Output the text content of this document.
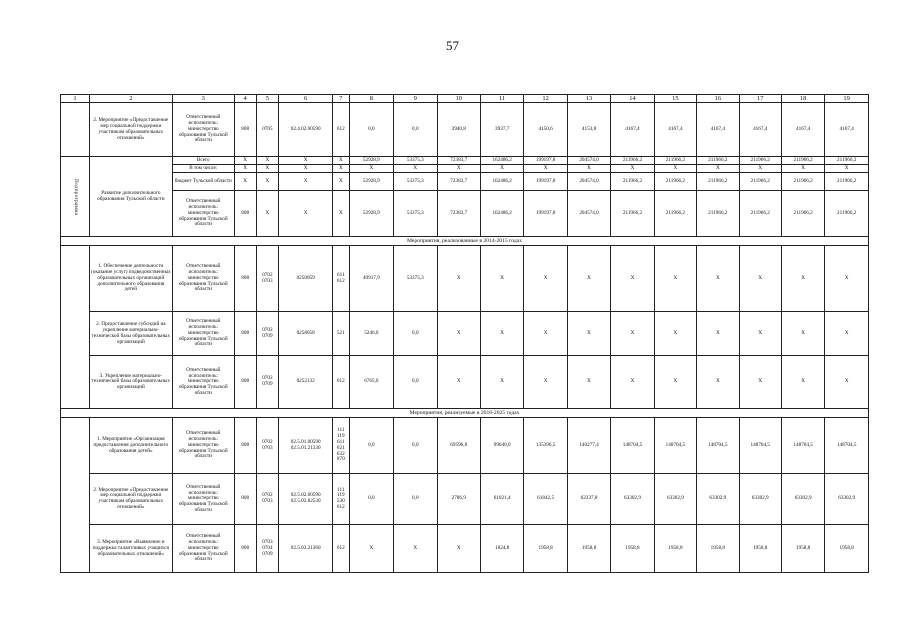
57
1	2	3	4	5	6	7	8	9	10	11	12	13	14	15	16	17	18	19
	2. Мероприятие «Предоставление мер социальной поддержки участникам образовательных отношений»	Ответственный исполнитель: министерство образования Тульской области	808	0705	02.4.02.00590	612	0,0	0,0	3940,8	3937,7	4150,6	4153,8	4167,4	4167,4	4167,4	4167,4	4167,4	4167,4
Подпрограмма	Развитие дополнительного образования Тульской области	Всего	X	X	X	X	52928,9	53375,3	72383,7	162486,2	199197,8	204574,0	211966,2	211966,2	211966,2	211966,2	211966,2	211966,2
		В том числе:	X	X	X	X	X	X	X	X	X	X	X	X	X	X	X	X
		бюджет Тульской области	X	X	X	X	52928,9	53375,3	72383,7	162486,2	199197,8	204574,0	211966,2	211966,2	211966,2	211966,2	211966,2	211966,2
		Ответственный исполнитель: министерство образования Тульской области	808	X	X	X	52928,9	53375,3	72383,7	162486,2	199197,8	204574,0	211966,2	211966,2	211966,2	211966,2	211966,2	211966,2
Мероприятия, реализованные в 2014-2015 годах																		
	1. Обеспечение деятельности (оказание услуг) подведомственных образовательных организаций дополнительного образования детей	Ответственный исполнитель: министерство образования Тульской области	808	0702 0703	0250059	611 612	40917,9	53375,3	X	X	X	X	X	X	X	X	X	X
	2. Предоставление субсидий на укрепление материально-технической базы образовательных организаций	Ответственный исполнитель: министерство образования Тульской области	808	0702 0709	0258058	521	5246,0	0,0	X	X	X	X	X	X	X	X	X	X
	3. Укрепление материально-технической базы образовательных организаций	Ответственный исполнитель: министерство образования Тульской области	808	0702 0709	0252132	612	6765,0	0,0	X	X	X	X	X	X	X	X	X	X
Мероприятия, реализуемые в 2016-2025 годах																		
	1. Мероприятие «Организация предоставления дополнительного образования детей»	Ответственный исполнитель: министерство образования Тульской области	808	0702 0703	02.5.01.00590 02.5.01.21330	111 119 611 621 632 870	0,0	0,0	69596,8	99640,0	135396,5	140277,4	148704,5	148704,5	148704,5	148704,5	148704,5	148704,5
	2. Мероприятие «Предоставление мер социальной поддержки участникам образовательных отношений»	Ответственный исполнитель: министерство образования Тульской области	808	0702 0703	02.5.02.00590 02.5.02.82530	111 119 530 612	0,0	0,0	2786,9	61021,4	61842,5	62337,8	63302,9	63302,9	63302,9	63302,9	63302,9	63302,9
	3. Мероприятие «Выявление и поддержка талантливых учащихся образовательных отношений»	Ответственный исполнитель: министерство образования Тульской области	808	0703 0704 0709	02.5.03.21360	612	X	X	X	1824,8	1958,8	1958,8	1958,8	1958,8	1958,8	1958,8	1958,8	1958,8
